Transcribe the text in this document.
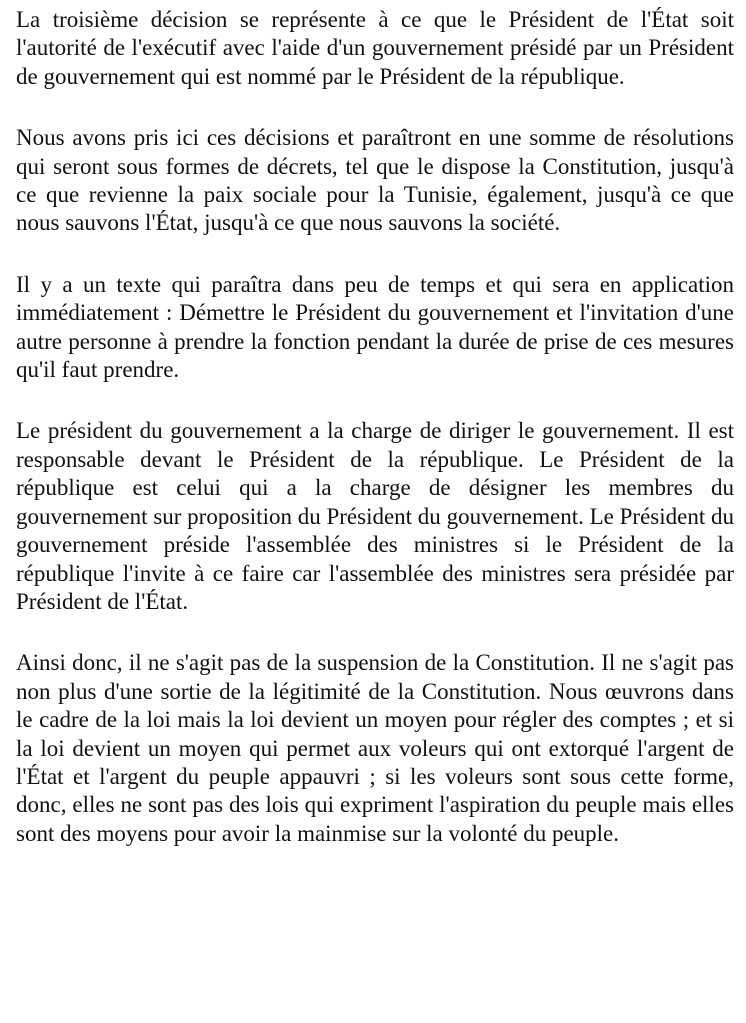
La troisième décision se représente à ce que le Président de l'État soit l'autorité de l'exécutif avec l'aide d'un gouvernement présidé par un Président de gouvernement qui est nommé par le Président de la république.

Nous avons pris ici ces décisions et paraîtront en une somme de résolutions qui seront sous formes de décrets, tel que le dispose la Constitution, jusqu'à ce que revienne la paix sociale pour la Tunisie, également, jusqu'à ce que nous sauvons l'État, jusqu'à ce que nous sauvons la société.

Il y a un texte qui paraîtra dans peu de temps et qui sera en application immédiatement : Démettre le Président du gouvernement et l'invitation d'une autre personne à prendre la fonction pendant la durée de prise de ces mesures qu'il faut prendre.

Le président du gouvernement a la charge de diriger le gouvernement. Il est responsable devant le Président de la république. Le Président de la république est celui qui a la charge de désigner les membres du gouvernement sur proposition du Président du gouvernement. Le Président du gouvernement préside l'assemblée des ministres si le Président de la république l'invite à ce faire car l'assemblée des ministres sera présidée par Président de l'État.

Ainsi donc, il ne s'agit pas de la suspension de la Constitution. Il ne s'agit pas non plus d'une sortie de la légitimité de la Constitution. Nous œuvrons dans le cadre de la loi mais la loi devient un moyen pour régler des comptes ; et si la loi devient un moyen qui permet aux voleurs qui ont extorqué l'argent de l'État et l'argent du peuple appauvri ; si les voleurs sont sous cette forme, donc, elles ne sont pas des lois qui expriment l'aspiration du peuple mais elles sont des moyens pour avoir la mainmise sur la volonté du peuple.
